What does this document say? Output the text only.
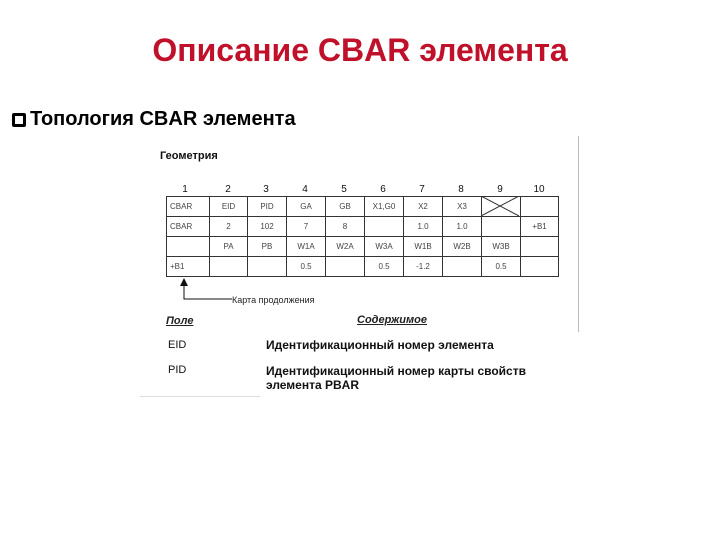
Описание CBAR элемента
Топология CBAR элемента
Геометрия
1	2	3	4	5	6	7	8	9	10
CBAR	EID	PID	GA	GB	X1,G0	X2	X3		
CBAR	2	102	7	8		1.0	1.0		+B1
	PA	PB	W1A	W2A	W3A	W1B	W2B	W3B	
+B1			0.5		0.5	-1.2		0.5	
Карта продолжения
Поле	Содержимое
EID	Идентификационный номер элемента
PID	Идентификационный номер карты свойств элемента PBAR
